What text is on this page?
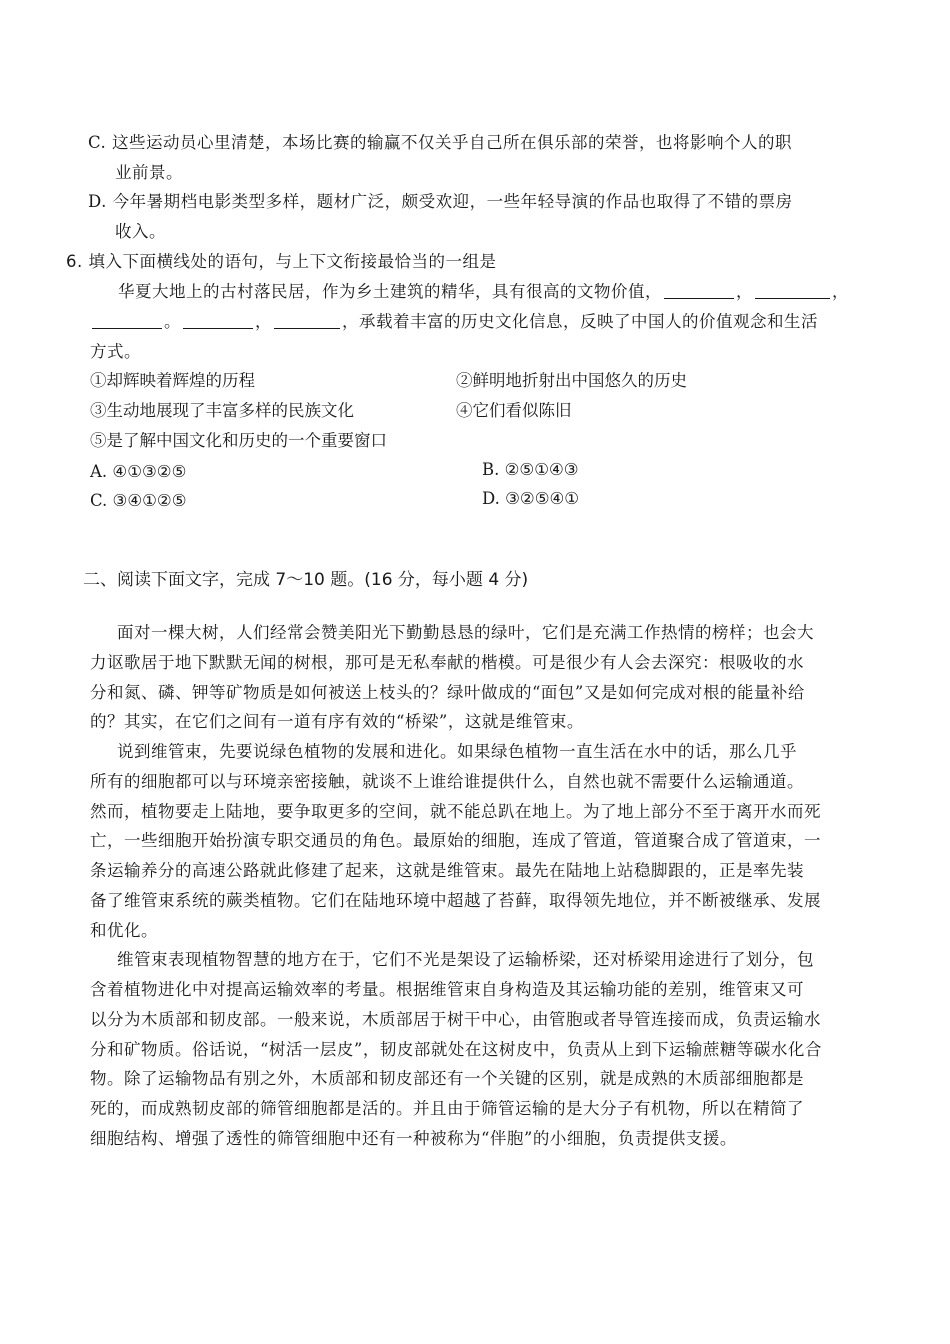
C. 这些运动员心里清楚，本场比赛的输赢不仅关乎自己所在俱乐部的荣誉，也将影响个人的职
业前景。
D. 今年暑期档电影类型多样，题材广泛，颇受欢迎，一些年轻导演的作品也取得了不错的票房
收入。
6. 填入下面横线处的语句，与上下文衔接最恰当的一组是
华夏大地上的古村落民居，作为乡土建筑的精华，具有很高的文物价值，	，	，
。	，	，承载着丰富的历史文化信息，反映了中国人的价值观念和生活
方式。
①却辉映着辉煌的历程	②鲜明地折射出中国悠久的历史
③生动地展现了丰富多样的民族文化	④它们看似陈旧
⑤是了解中国文化和历史的一个重要窗口
A. ④①③②⑤	B. ②⑤①④③
C. ③④①②⑤	D. ③②⑤④①
二、阅读下面文字，完成 7～10 题。(16 分，每小题 4 分)
面对一棵大树，人们经常会赞美阳光下勤勤恳恳的绿叶，它们是充满工作热情的榜样；也会大
力讴歌居于地下默默无闻的树根，那可是无私奉献的楷模。可是很少有人会去深究：根吸收的水
分和氮、磷、钾等矿物质是如何被送上枝头的？绿叶做成的“面包”又是如何完成对根的能量补给
的？其实，在它们之间有一道有序有效的“桥梁”，这就是维管束。
说到维管束，先要说绿色植物的发展和进化。如果绿色植物一直生活在水中的话，那么几乎
所有的细胞都可以与环境亲密接触，就谈不上谁给谁提供什么，自然也就不需要什么运输通道。
然而，植物要走上陆地，要争取更多的空间，就不能总趴在地上。为了地上部分不至于离开水而死
亡，一些细胞开始扮演专职交通员的角色。最原始的细胞，连成了管道，管道聚合成了管道束，一
条运输养分的高速公路就此修建了起来，这就是维管束。最先在陆地上站稳脚跟的，正是率先装
备了维管束系统的蕨类植物。它们在陆地环境中超越了苔藓，取得领先地位，并不断被继承、发展
和优化。
维管束表现植物智慧的地方在于，它们不光是架设了运输桥梁，还对桥梁用途进行了划分，包
含着植物进化中对提高运输效率的考量。根据维管束自身构造及其运输功能的差别，维管束又可
以分为木质部和韧皮部。一般来说，木质部居于树干中心，由管胞或者导管连接而成，负责运输水
分和矿物质。俗话说，“树活一层皮”，韧皮部就处在这树皮中，负责从上到下运输蔗糖等碳水化合
物。除了运输物品有别之外，木质部和韧皮部还有一个关键的区别，就是成熟的木质部细胞都是
死的，而成熟韧皮部的筛管细胞都是活的。并且由于筛管运输的是大分子有机物，所以在精简了
细胞结构、增强了透性的筛管细胞中还有一种被称为“伴胞”的小细胞，负责提供支援。
